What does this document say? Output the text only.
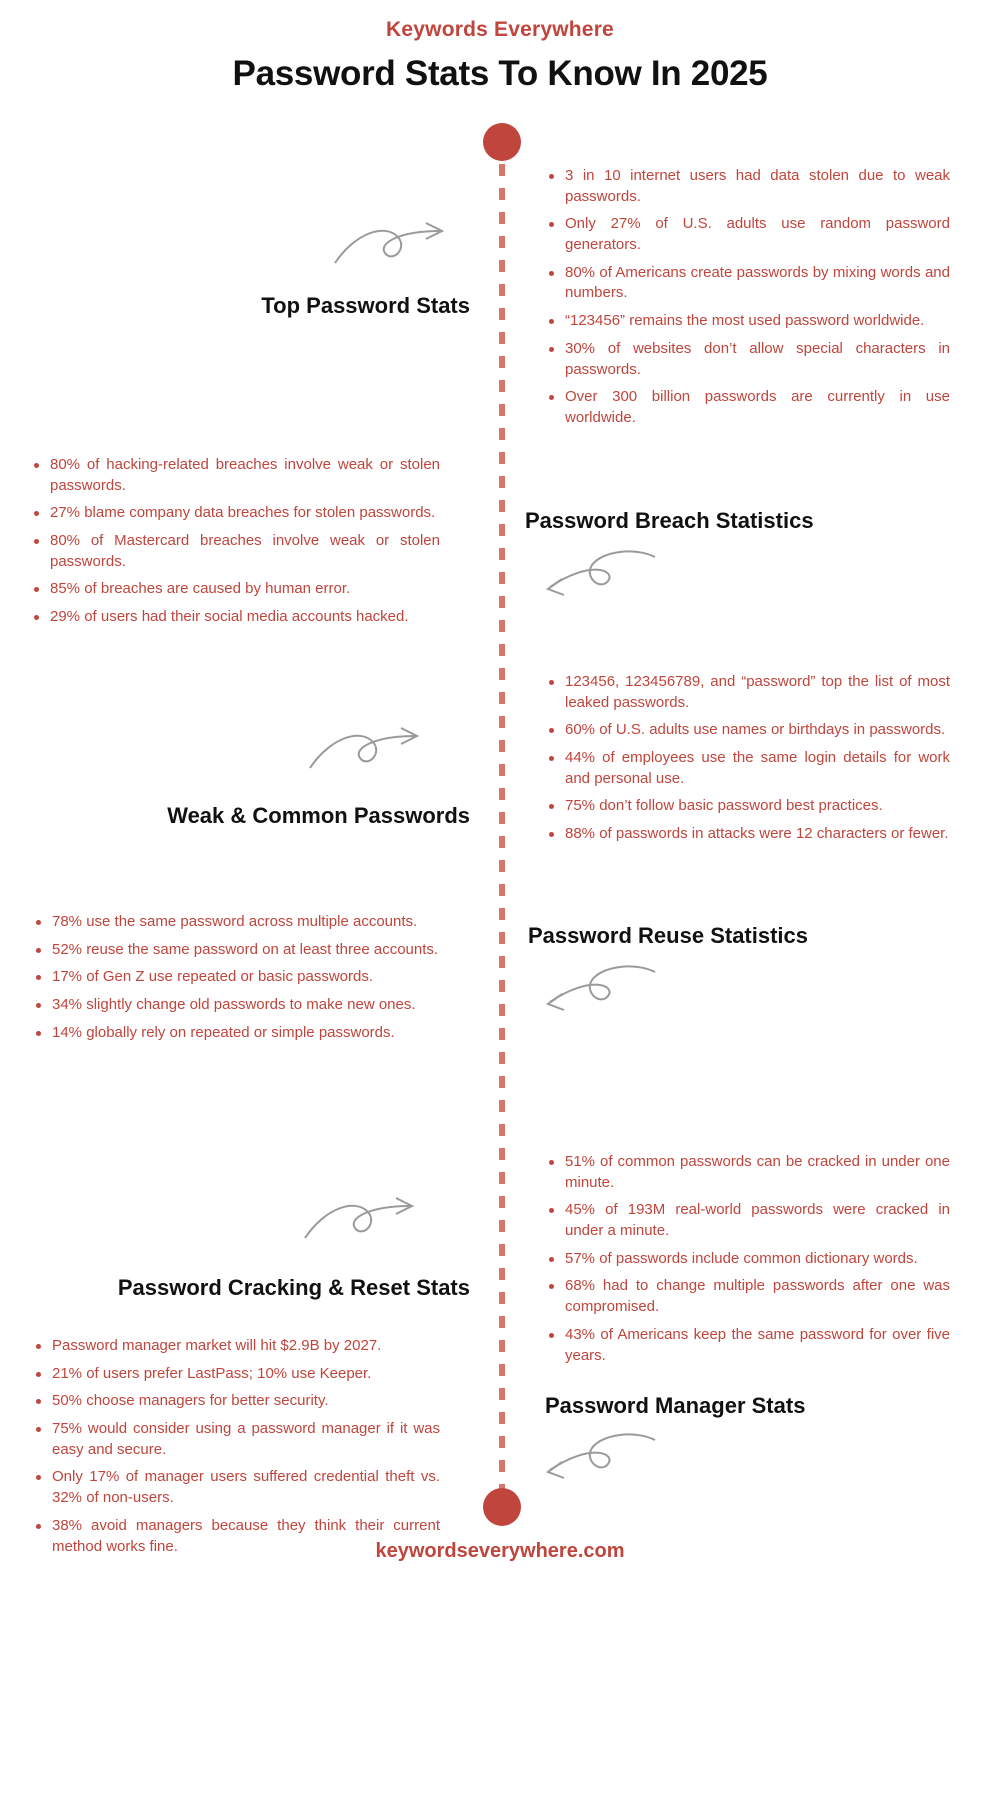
Keywords Everywhere
Password Stats To Know In 2025
Top Password Stats
3 in 10 internet users had data stolen due to weak passwords.
Only 27% of U.S. adults use random password generators.
80% of Americans create passwords by mixing words and numbers.
“123456” remains the most used password worldwide.
30% of websites don’t allow special characters in passwords.
Over 300 billion passwords are currently in use worldwide.
Password Breach Statistics
80% of hacking-related breaches involve weak or stolen passwords.
27% blame company data breaches for stolen passwords.
80% of Mastercard breaches involve weak or stolen passwords.
85% of breaches are caused by human error.
29% of users had their social media accounts hacked.
Weak & Common Passwords
123456, 123456789, and “password” top the list of most leaked passwords.
60% of U.S. adults use names or birthdays in passwords.
44% of employees use the same login details for work and personal use.
75% don’t follow basic password best practices.
88% of passwords in attacks were 12 characters or fewer.
Password Reuse Statistics
78% use the same password across multiple accounts.
52% reuse the same password on at least three accounts.
17% of Gen Z use repeated or basic passwords.
34% slightly change old passwords to make new ones.
14% globally rely on repeated or simple passwords.
Password Cracking & Reset Stats
51% of common passwords can be cracked in under one minute.
45% of 193M real-world passwords were cracked in under a minute.
57% of passwords include common dictionary words.
68% had to change multiple passwords after one was compromised.
43% of Americans keep the same password for over five years.
Password Manager Stats
Password manager market will hit $2.9B by 2027.
21% of users prefer LastPass; 10% use Keeper.
50% choose managers for better security.
75% would consider using a password manager if it was easy and secure.
Only 17% of manager users suffered credential theft vs. 32% of non-users.
38% avoid managers because they think their current method works fine.	keywordseverywhere.com
